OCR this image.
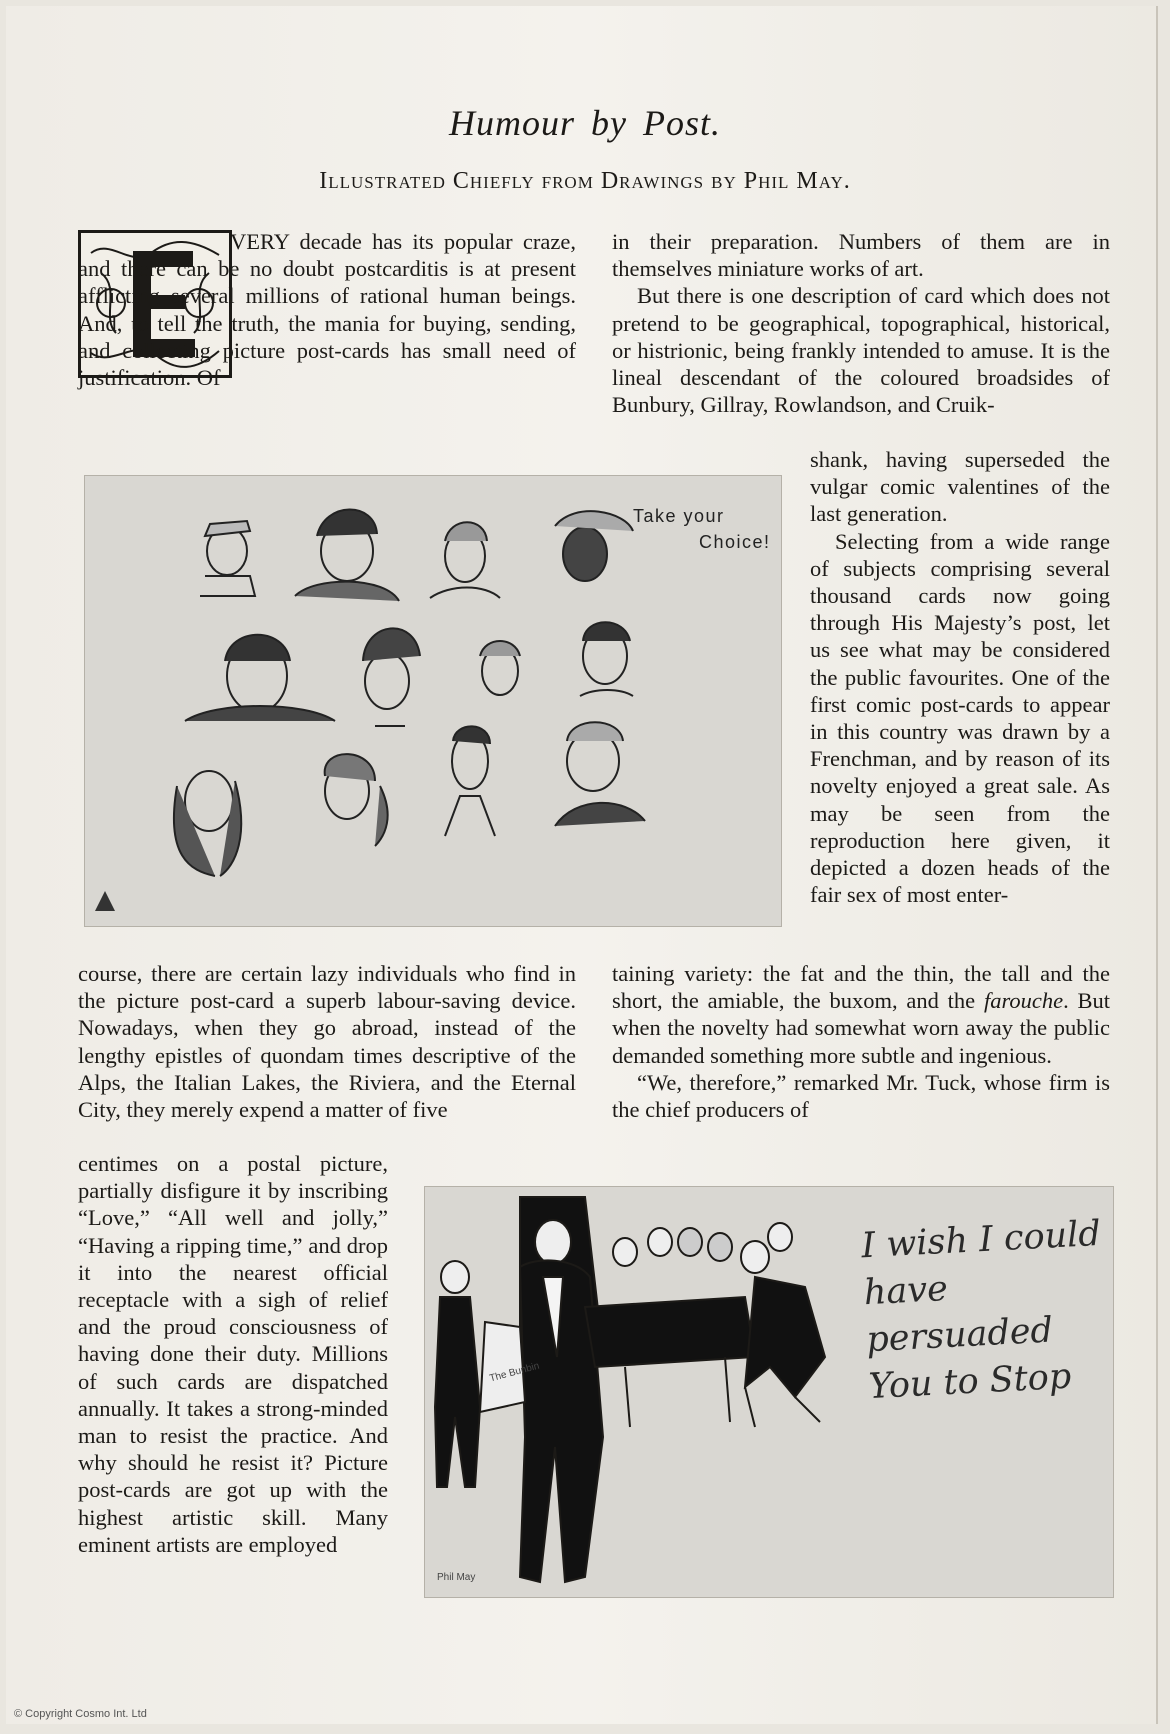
Humour by Post.
Illustrated Chiefly from Drawings by Phil May.

VERY decade has its popular craze, and there can be no doubt postcarditis is at present afflicting several millions of rational human beings. And, to tell the truth, the mania for buying, sending, and collecting picture post-cards has small need of justification. Of

Take your
Choice!

course, there are certain lazy individuals who find in the picture post-card a superb labour-saving device. Nowadays, when they go abroad, instead of the lengthy epistles of quondam times descriptive of the Alps, the Italian Lakes, the Riviera, and the Eternal City, they merely expend a matter of five

centimes on a postal picture, partially disfigure it by inscribing “Love,” “All well and jolly,” “Having a ripping time,” and drop it into the nearest official receptacle with a sigh of relief and the proud consciousness of having done their duty. Millions of such cards are dispatched annually. It takes a strong-minded man to resist the practice. And why should he resist it? Picture post-cards are got up with the highest artistic skill. Many eminent artists are employed

in their preparation. Numbers of them are in themselves miniature works of art.

But there is one description of card which does not pretend to be geographical, topographical, historical, or histrionic, being frankly intended to amuse. It is the lineal descendant of the coloured broadsides of Bunbury, Gillray, Rowlandson, and Cruik-

shank, having superseded the vulgar comic valentines of the last generation.

Selecting from a wide range of subjects comprising several thousand cards now going through His Majesty’s post, let us see what may be considered the public favourites. One of the first comic post-cards to appear in this country was drawn by a Frenchman, and by reason of its novelty enjoyed a great sale. As may be seen from the reproduction here given, it depicted a dozen heads of the fair sex of most enter-

taining variety: the fat and the thin, the tall and the short, the amiable, the buxom, and the farouche. But when the novelty had somewhat worn away the public demanded something more subtle and ingenious.

“We, therefore,” remarked Mr. Tuck, whose firm is the chief producers of

I wish I could have persuaded You to Stop
Phil May
The Bunbin
© Copyright Cosmo Int. Ltd
